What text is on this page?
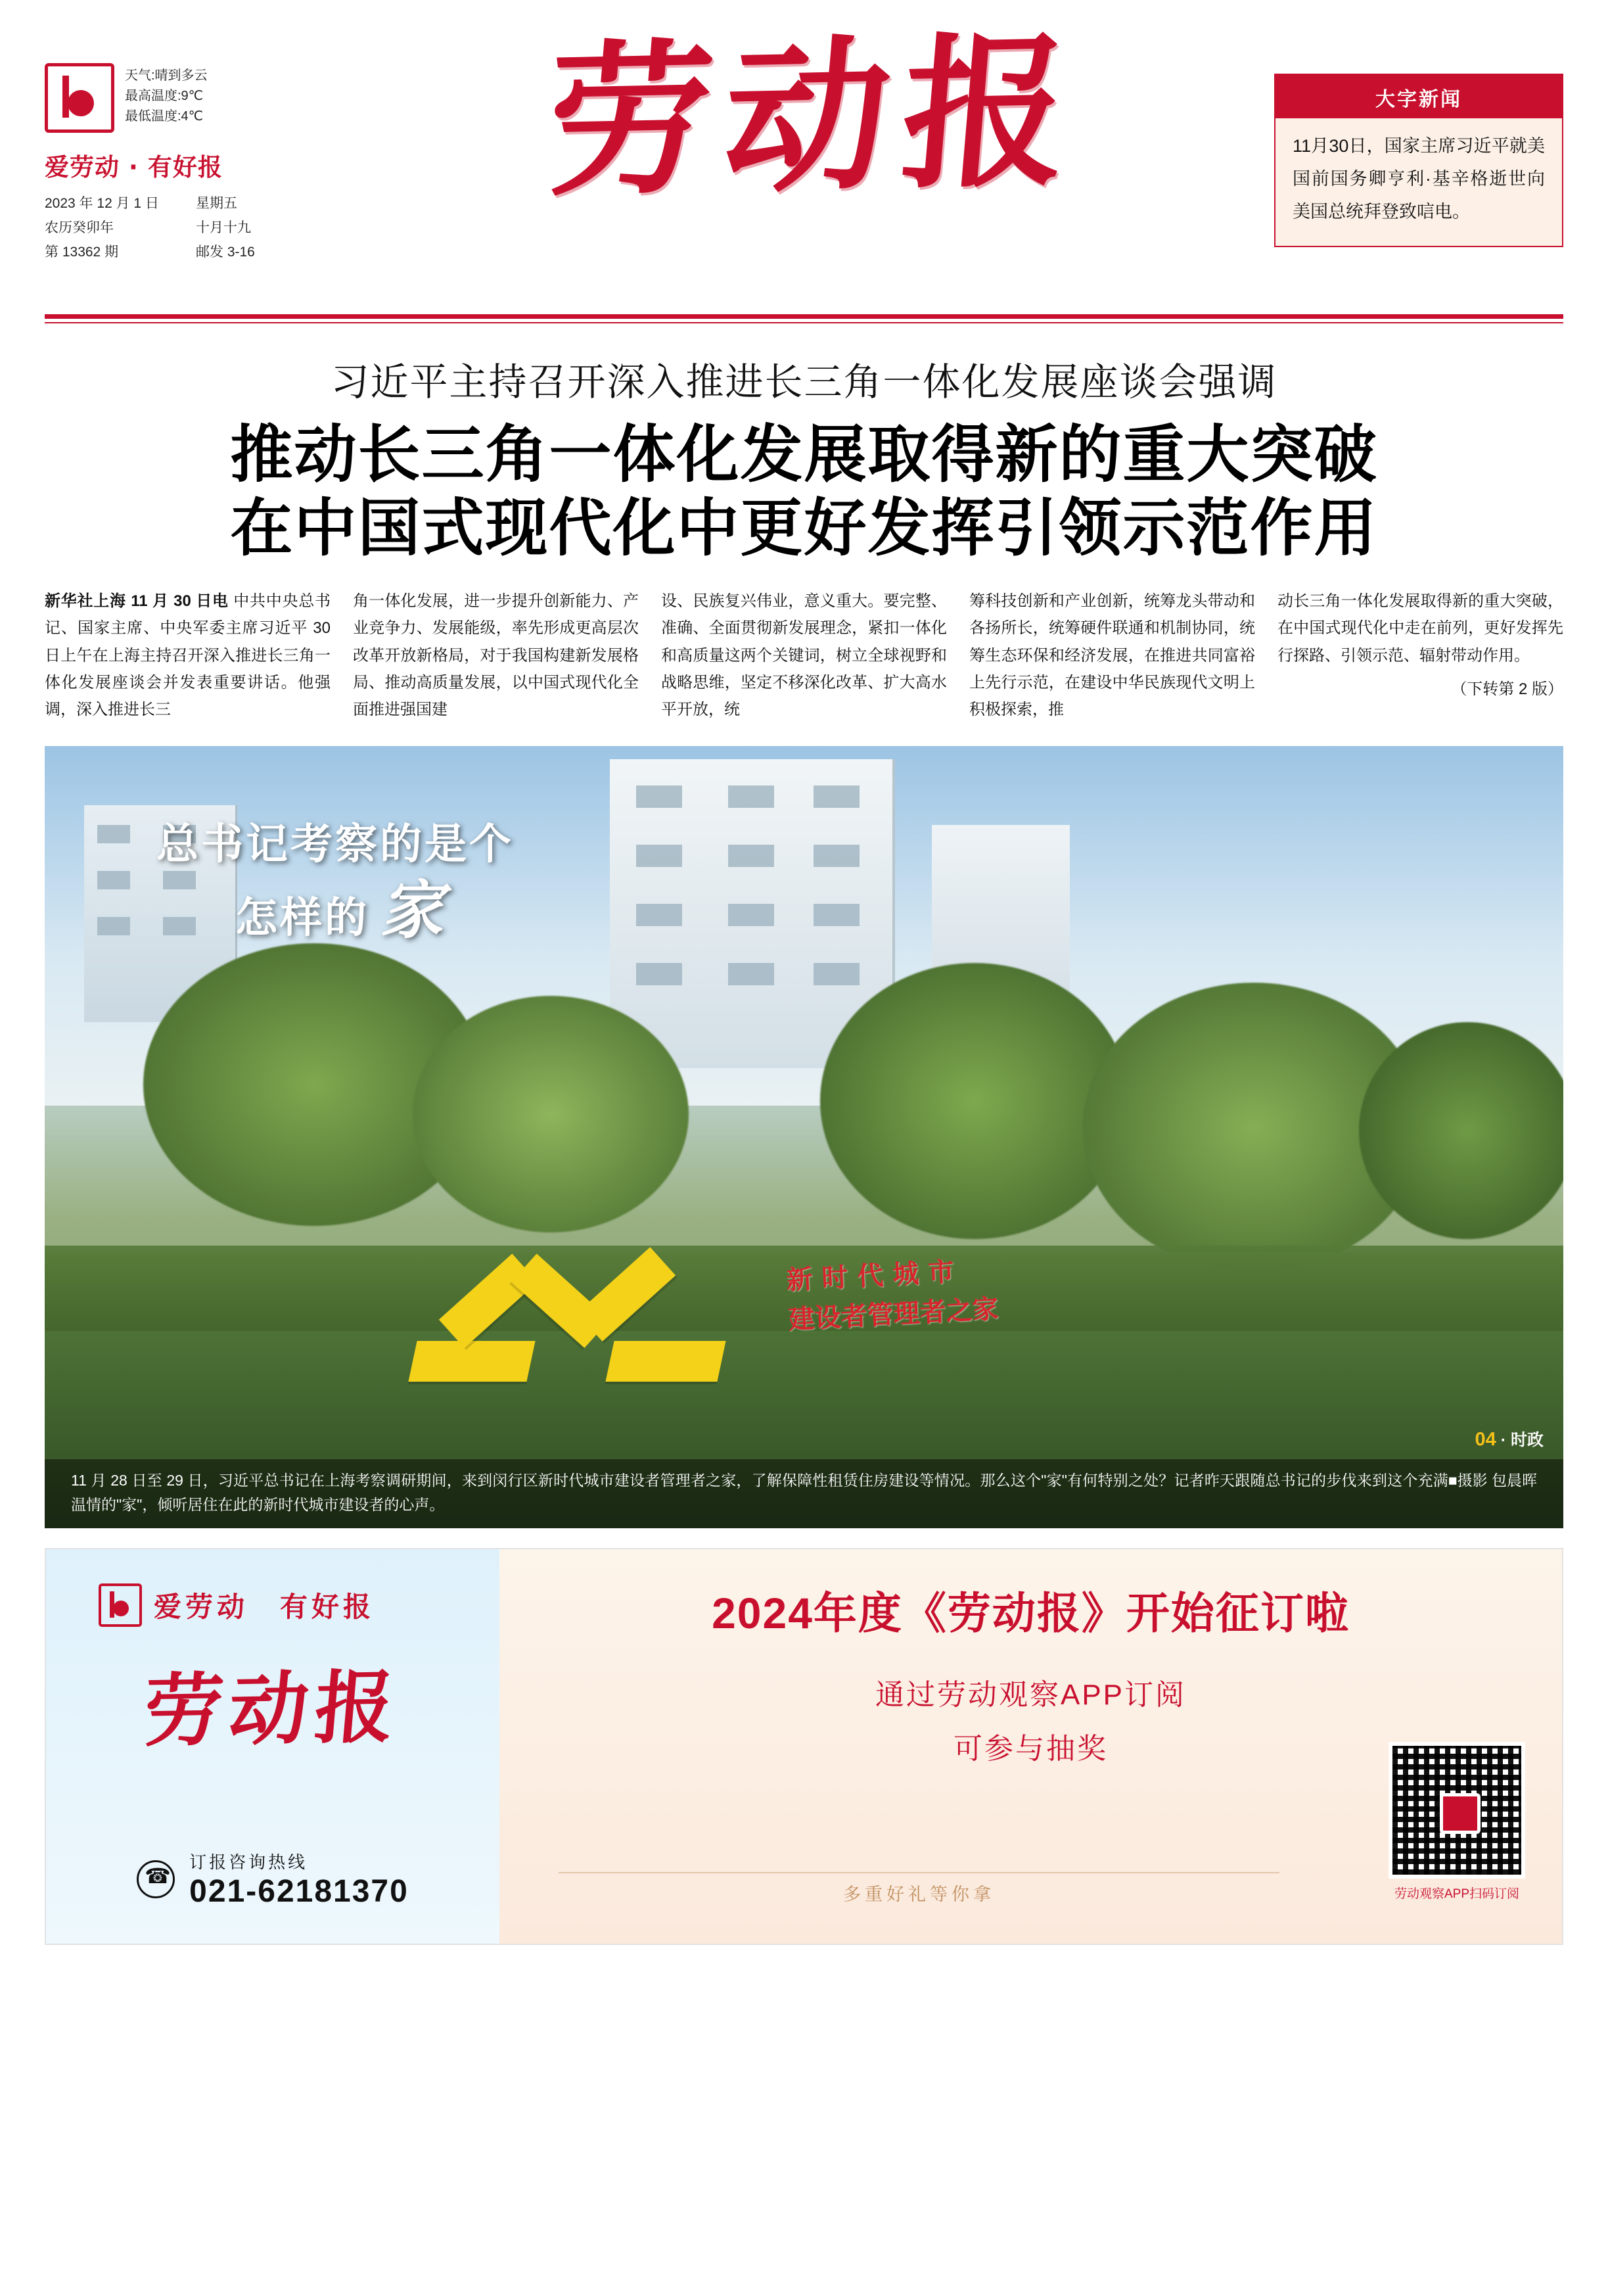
天气:晴到多云
最高温度:9℃
最低温度:4℃
爱劳动 · 有好报
2023 年 12 月 1 日	星期五
农历癸卯年	十月十九
第 13362 期	邮发 3-16
劳动报	大字新闻
11月30日，国家主席习近平就美国前国务卿亨利·基辛格逝世向美国总统拜登致唁电。
习近平主持召开深入推进长三角一体化发展座谈会强调
推动长三角一体化发展取得新的重大突破
在中国式现代化中更好发挥引领示范作用
新华社上海 11 月 30 日电 中共中央总书记、国家主席、中央军委主席习近平 30 日上午在上海主持召开深入推进长三角一体化发展座谈会并发表重要讲话。他强调，深入推进长三
角一体化发展，进一步提升创新能力、产业竞争力、发展能级，率先形成更高层次改革开放新格局，对于我国构建新发展格局、推动高质量发展，以中国式现代化全面推进强国建
设、民族复兴伟业，意义重大。要完整、准确、全面贯彻新发展理念，紧扣一体化和高质量这两个关键词，树立全球视野和战略思维，坚定不移深化改革、扩大高水平开放，统
筹科技创新和产业创新，统筹龙头带动和各扬所长，统筹硬件联通和机制协同，统筹生态环保和经济发展，在推进共同富裕上先行示范，在建设中华民族现代文明上积极探索，推
动长三角一体化发展取得新的重大突破，在中国式现代化中走在前列，更好发挥先行探路、引领示范、辐射带动作用。
（下转第 2 版）
总书记考察的是个
怎样的 家
新 时 代 城 市
建设者管理者之家
04 · 时政
■摄影 包晨晖
11 月 28 日至 29 日，习近平总书记在上海考察调研期间，来到闵行区新时代城市建设者管理者之家，了解保障性租赁住房建设等情况。那么这个"家"有何特别之处？记者昨天跟随总书记的步伐来到这个充满温情的"家"，倾听居住在此的新时代城市建设者的心声。
爱劳动　有好报
劳动报
☎
订报咨询热线
021-62181370
2024年度《劳动报》开始征订啦
通过劳动观察APP订阅
可参与抽奖
多重好礼等你拿	劳动观察APP扫码订阅
